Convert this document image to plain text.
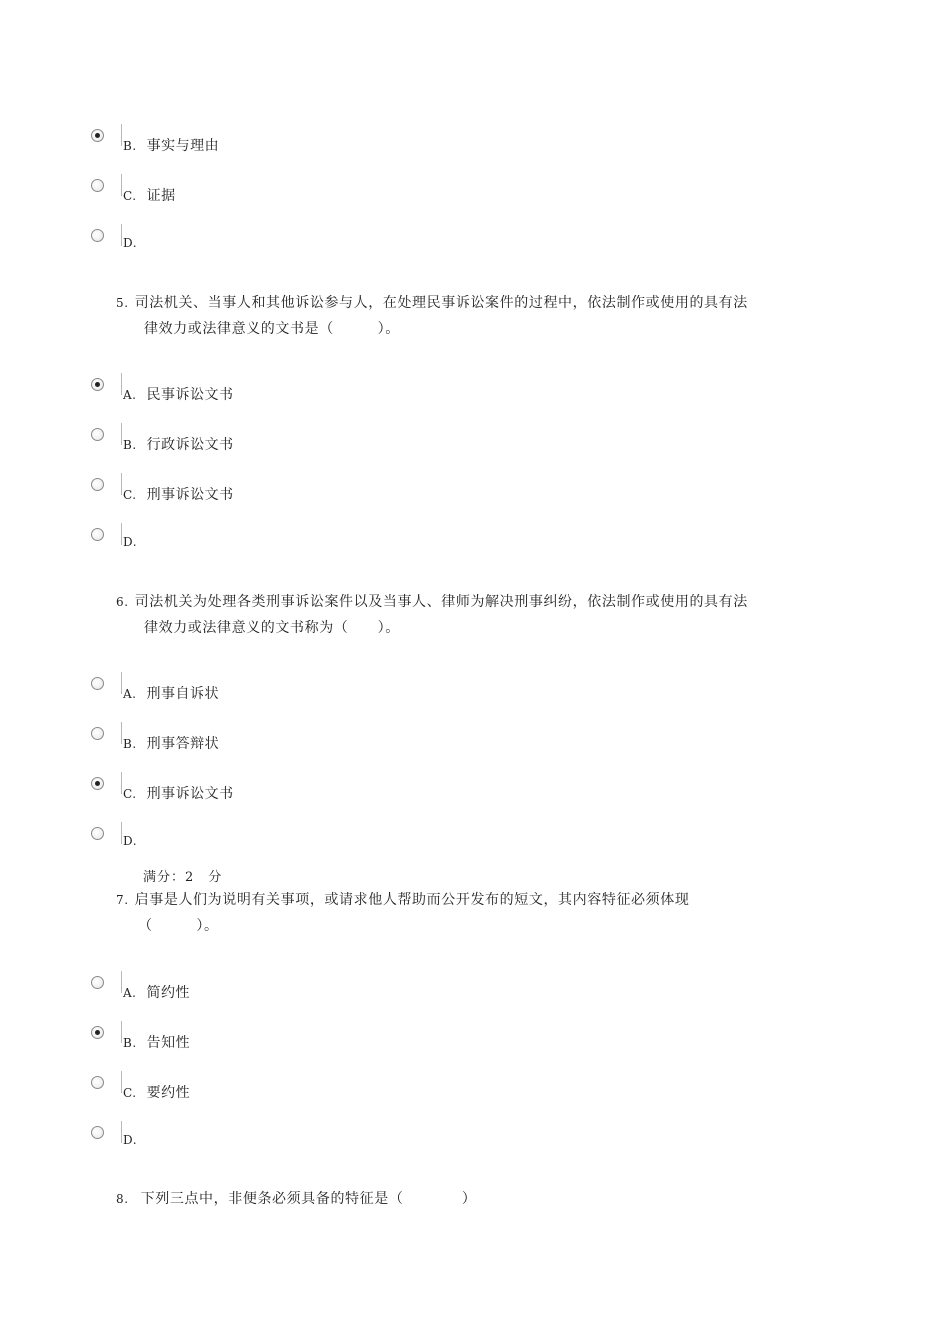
B. 事实与理由
C. 证据
D.
5. 司法机关、当事人和其他诉讼参与人，在处理民事诉讼案件的过程中，依法制作或使用的具有法
律效力或法律意义的文书是（　　　）。
A. 民事诉讼文书
B. 行政诉讼文书
C. 刑事诉讼文书
D.
6. 司法机关为处理各类刑事诉讼案件以及当事人、律师为解决刑事纠纷，依法制作或使用的具有法
律效力或法律意义的文书称为（　　）。
A. 刑事自诉状
B. 刑事答辩状
C. 刑事诉讼文书
D.
满分：2　分
7. 启事是人们为说明有关事项，或请求他人帮助而公开发布的短文，其内容特征必须体现
（　　　）。
A. 简约性
B. 告知性
C. 要约性
D.
8. 下列三点中，非便条必须具备的特征是（　　　　）
